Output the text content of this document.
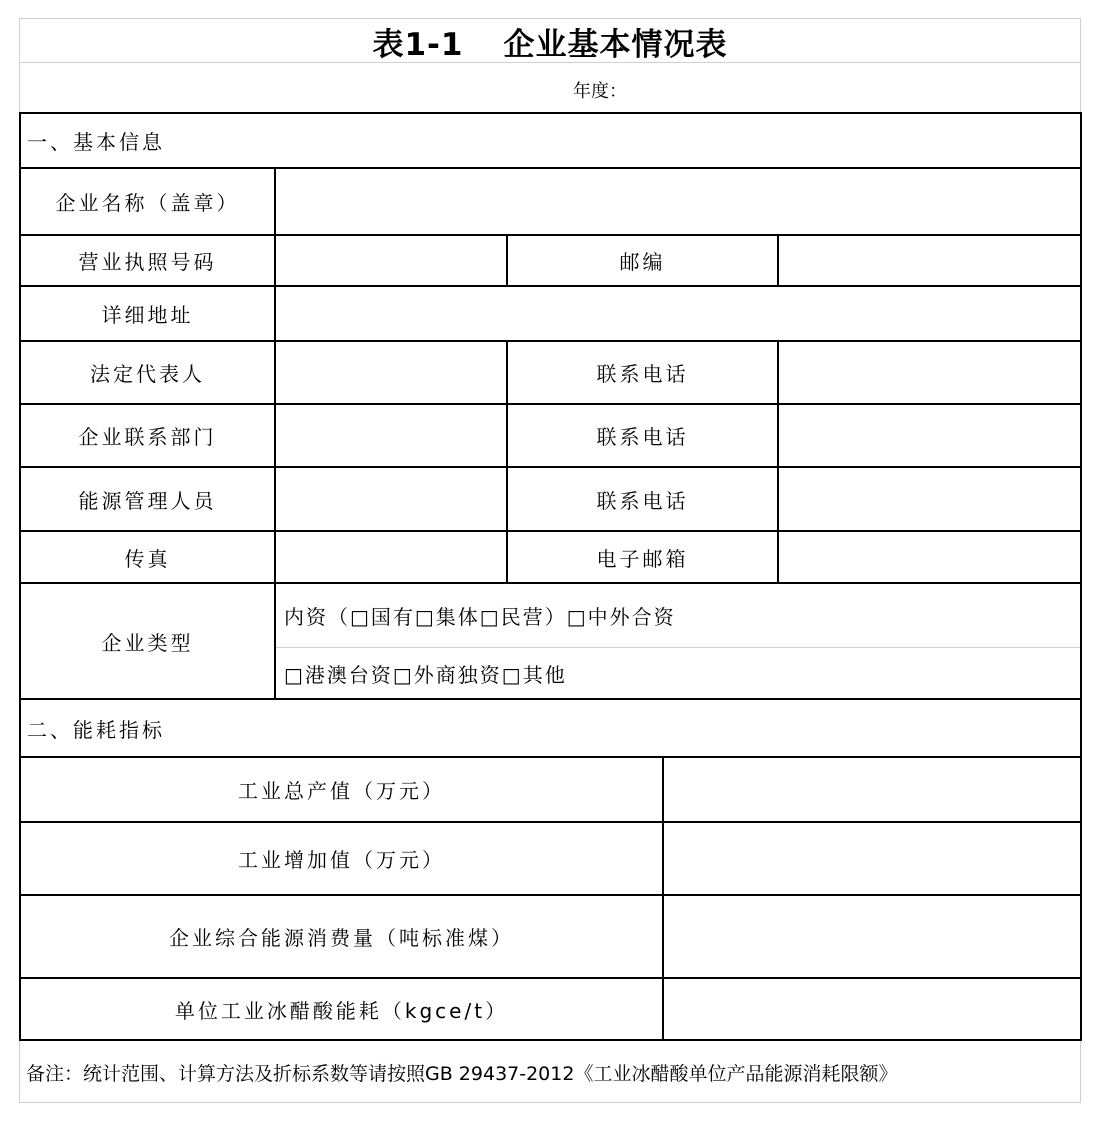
表1-1 企业基本情况表
年度：
一、基本信息
企业名称（盖章）
营业执照号码	邮编
详细地址
法定代表人	联系电话
企业联系部门	联系电话
能源管理人员	联系电话
传真	电子邮箱
企业类型
内资（□国有□集体□民营）□中外合资
□港澳台资□外商独资□其他
二、能耗指标
工业总产值（万元）
工业增加值（万元）
企业综合能源消费量（吨标准煤）
单位工业冰醋酸能耗（kgce/t）
备注：统计范围、计算方法及折标系数等请按照GB 29437-2012《工业冰醋酸单位产品能源消耗限额》
